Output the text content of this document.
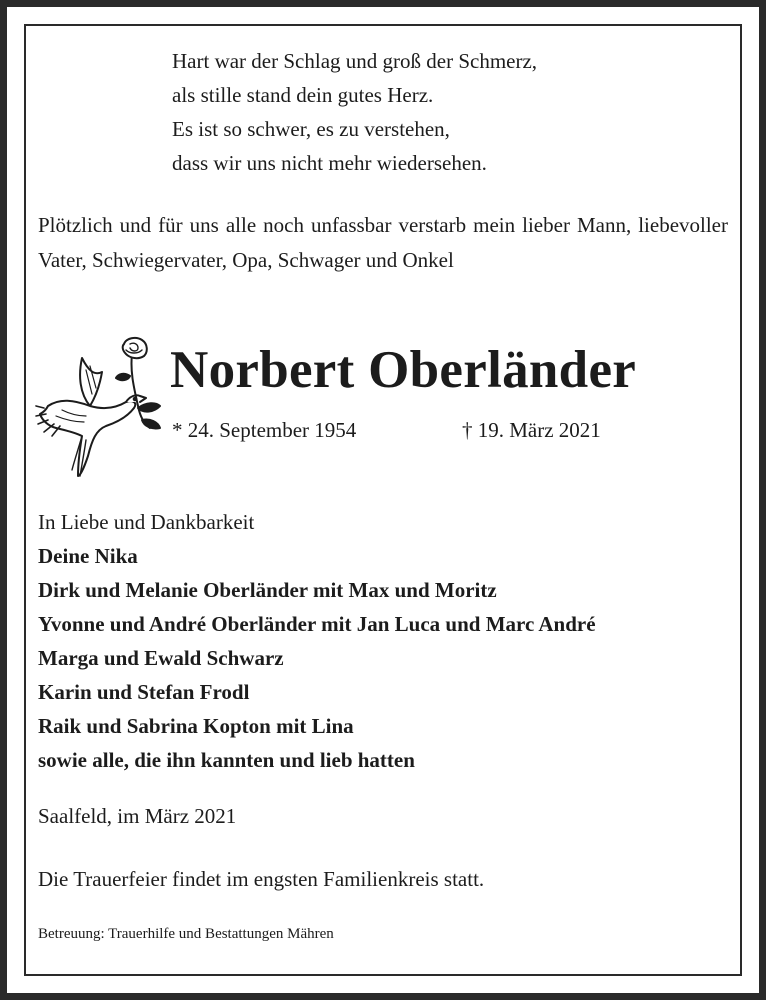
Hart war der Schlag und groß der Schmerz,
als stille stand dein gutes Herz.
Es ist so schwer, es zu verstehen,
dass wir uns nicht mehr wiedersehen.
Plötzlich und für uns alle noch unfassbar verstarb mein lieber Mann, liebevoller Vater, Schwiegervater, Opa, Schwager und Onkel
Norbert Oberländer
* 24. September 1954	† 19. März 2021
In Liebe und Dankbarkeit
Deine Nika
Dirk und Melanie Oberländer mit Max und Moritz
Yvonne und André Oberländer mit Jan Luca und Marc André
Marga und Ewald Schwarz
Karin und Stefan Frodl
Raik und Sabrina Kopton mit Lina
sowie alle, die ihn kannten und lieb hatten
Saalfeld, im März 2021
Die Trauerfeier findet im engsten Familienkreis statt.
Betreuung: Trauerhilfe und Bestattungen Mähren
